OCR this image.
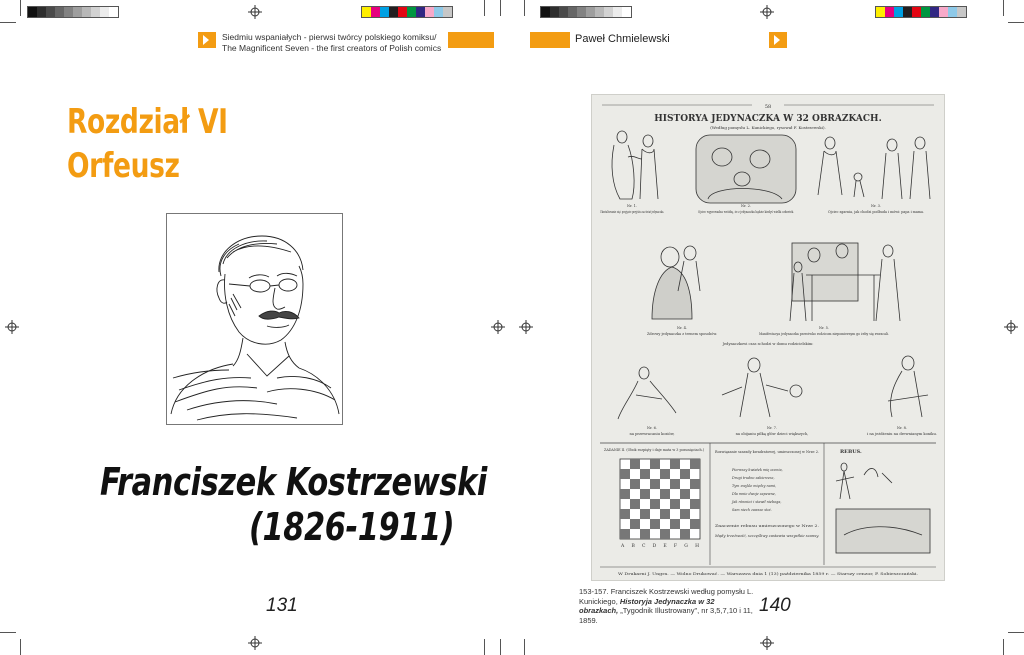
Siedmiu wspaniałych - pierwsi twórcy polskiego komiksu/
The Magnificent Seven - the first creators of Polish comics
Paweł Chmielewski
Rozdział VI
Orfeusz
Franciszek Kostrzewski
(1826-1911)
131
58
HISTORYA JEDYNACZKA W 32 OBRAZKACH.
(Według pomysłu L. Kunickiego, rysował F. Kostrzewski).
Nr. 1.
Uksztaltowanie się i przyjęcie przyjścia na świat jedynaczka.
Nr. 2.
Ojciec wyprowadza wróżbę, że z jedynaczka będzie kiedyś wielki człowiek.
Nr. 3.
Ojciec zgarnia, jak chodzi podbuda i mówi: papa i mama.
Nr. 4.
Zdrowy jedynaczka z trenem sposobów.
Nr. 5.
Manifestacya jedynaczka przeciwko rodzicom niepomiernym go żeby się zwracali.
Jedynaczkowi czas schodzi w domu rodzicielskim:
Nr. 6.
na przewracaniu koziów,
Nr. 7.
na obijaniu piłką głów dzieci większych,
Nr. 8.
i na jeżdżeniu na drewnianym koniku.
ZADANIE II. (Obok rozpięty i daje mata w 3 posunięciach.)
A B C D E F G H
Rozwiązanie szarady kwadratowej, umieszczonej w Nrze 2.
Pierwszy kwiatek mię ocenia,
Drugi trudno zabierzesz,
Tym zwykle między nami,
Dla mnie dwoje zapewne,
Jak również i stawił nieboga,
Sam niech zawsze stoi.
Znaczenie rebusu umieszczonego w Nrze 2.
Mądy trzeźwość, szczęśliwy zastawia wszystkie szansy.
REBUS.
W Drukarni J. Ungra. — Wolno Drukować. — Warszawa dnia 1 (13) października 1859 r. — Starszy cenzor, P. Sobieszczański.
153-157. Franciszek Kostrzewski według pomysłu L. Kunickiego, Historyja Jedynaczka w 32 obrazkach, „Tygodnik Illustrowany", nr 3,5,7,10 i 11, 1859.
140
